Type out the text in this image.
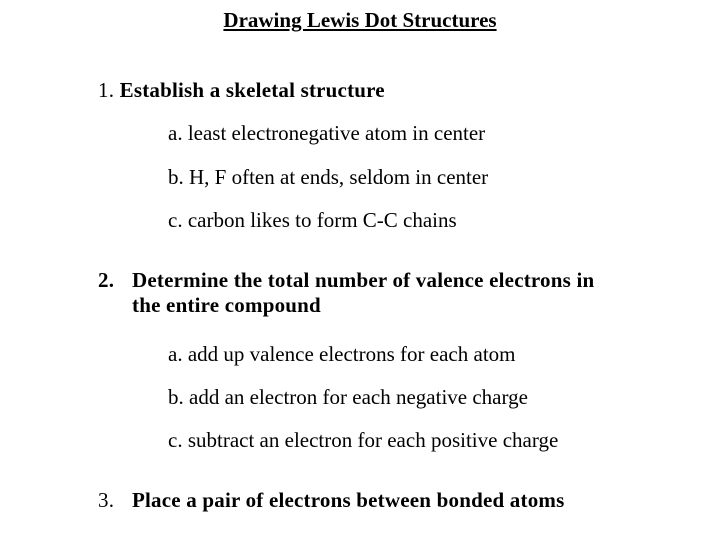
Drawing Lewis Dot Structures
1. Establish a skeletal structure
a. least electronegative atom in center
b. H, F often at ends, seldom in center
c. carbon likes to form C-C chains
2. Determine the total number of valence electrons in
the entire compound
a. add up valence electrons for each atom
b. add an electron for each negative charge
c. subtract an electron for each positive charge
3. Place a pair of electrons between bonded atoms
